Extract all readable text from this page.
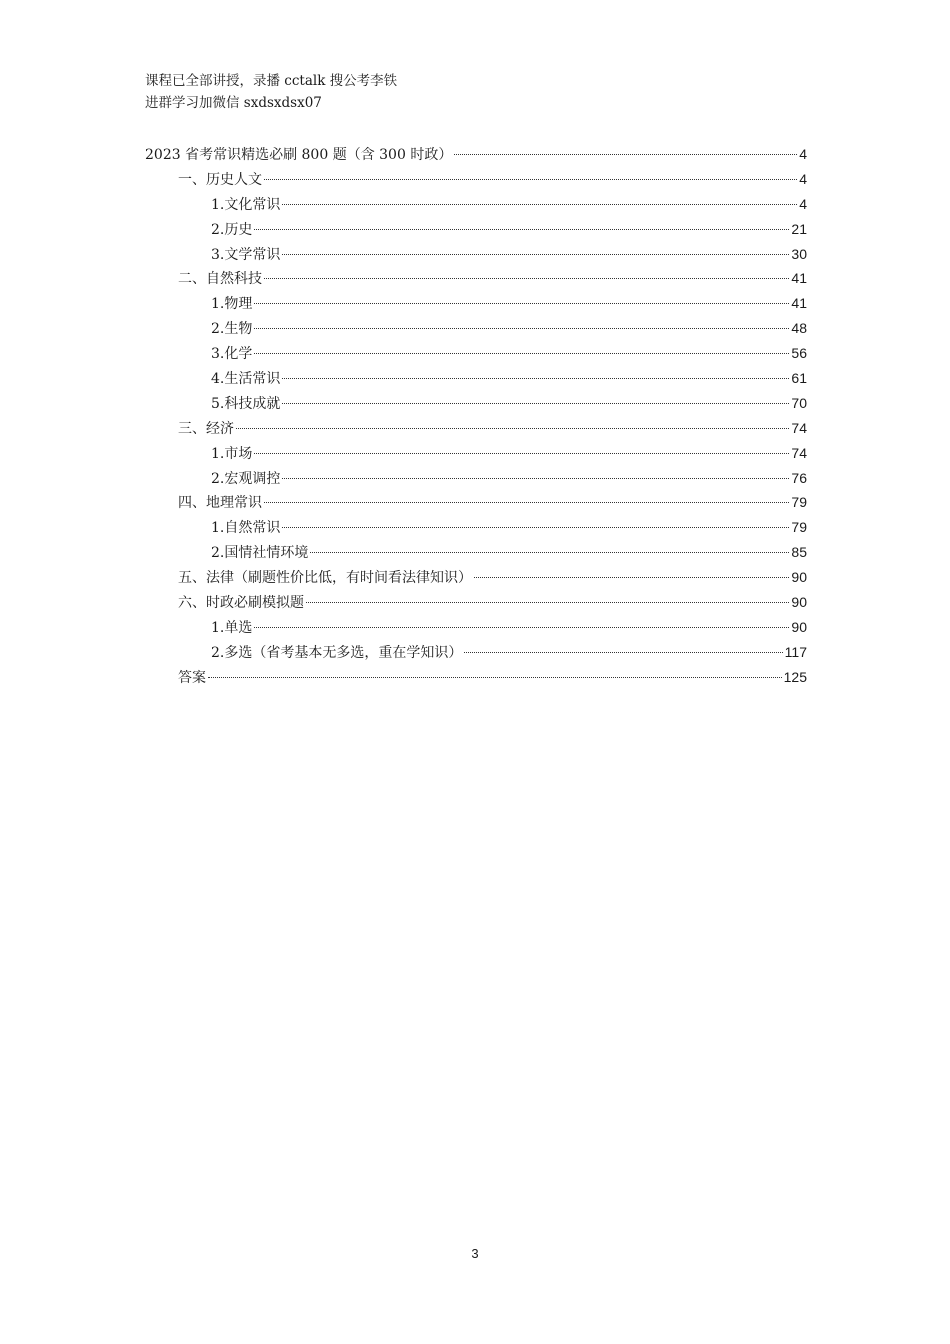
课程已全部讲授，录播 cctalk 搜公考李铁
进群学习加微信 sxdsxdsx07
2023 省考常识精选必刷 800 题（含 300 时政）	4
一、历史人文	4
1.文化常识	4
2.历史	21
3.文学常识	30
二、自然科技	41
1.物理	41
2.生物	48
3.化学	56
4.生活常识	61
5.科技成就	70
三、经济	74
1.市场	74
2.宏观调控	76
四、地理常识	79
1.自然常识	79
2.国情社情环境	85
五、法律（刷题性价比低，有时间看法律知识）	90
六、时政必刷模拟题	90
1.单选	90
2.多选（省考基本无多选，重在学知识）	117
答案	125
3
